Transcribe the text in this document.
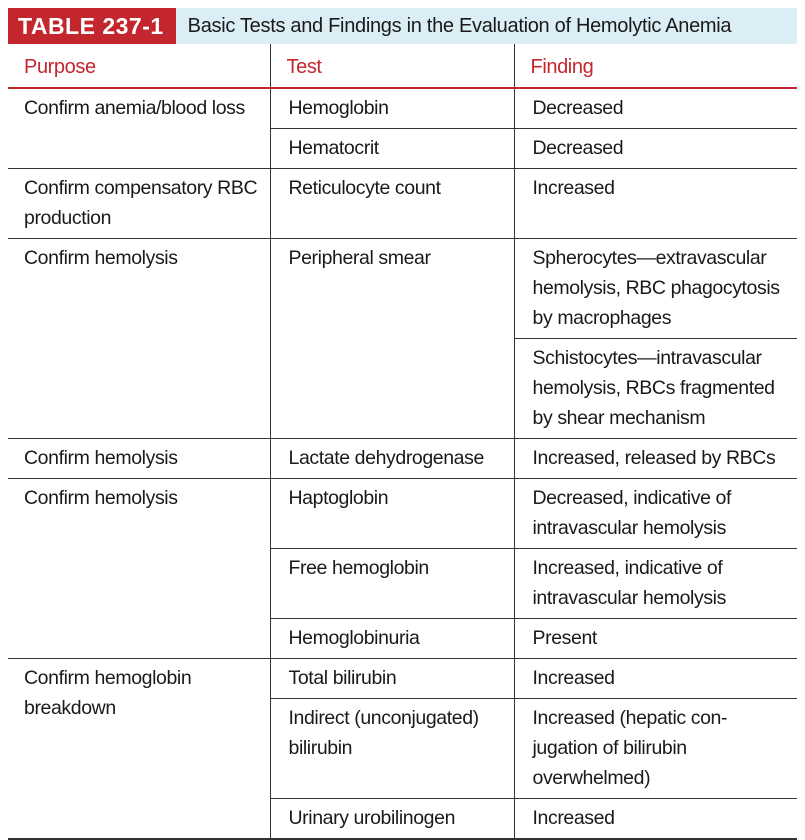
TABLE 237-1	Basic Tests and Findings in the Evaluation of Hemolytic Anemia
Purpose	Test	Finding
Confirm anemia/blood loss	Hemoglobin	Decreased
	Hematocrit	Decreased
Confirm compensatory RBC production	Reticulocyte count	Increased
Confirm hemolysis	Peripheral smear	Spherocytes—extravascular hemolysis, RBC phagocytosis by macrophages
		Schistocytes—intravascular hemolysis, RBCs fragmented by shear mechanism
Confirm hemolysis	Lactate dehydrogenase	Increased, released by RBCs
Confirm hemolysis	Haptoglobin	Decreased, indicative of intravascular hemolysis
	Free hemoglobin	Increased, indicative of intravascular hemolysis
	Hemoglobinuria	Present
Confirm hemoglobin breakdown	Total bilirubin	Increased
	Indirect (unconjugated) bilirubin	Increased (hepatic con- jugation of bilirubin overwhelmed)
	Urinary urobilinogen	Increased
